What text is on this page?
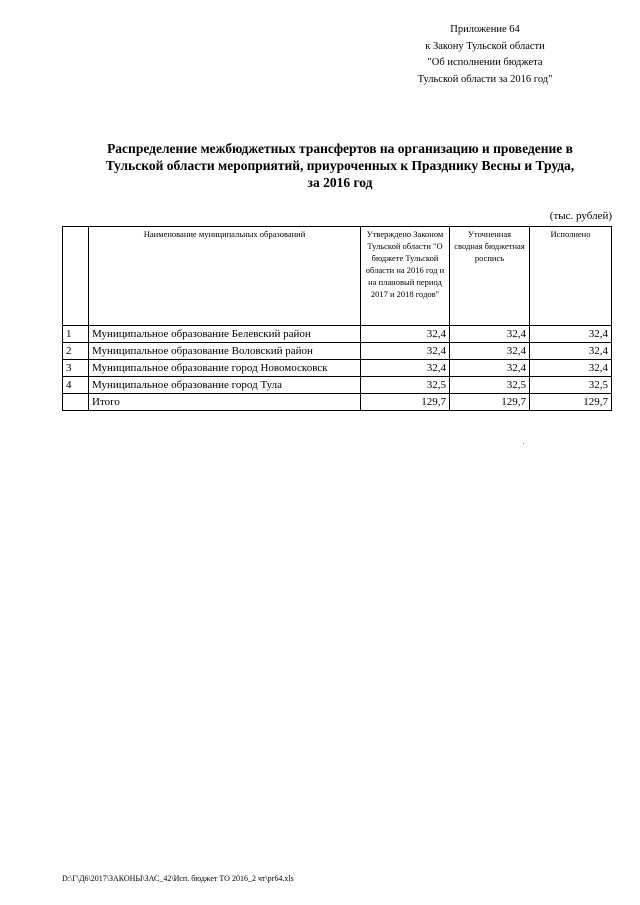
Приложение 64
к Закону Тульской области
"Об исполнении бюджета
Тульской области за 2016 год"
Распределение межбюджетных трансфертов на организацию и проведение в
Тульской области мероприятий, приуроченных к Празднику Весны и Труда,
за 2016 год
(тыс. рублей)
	Наименование муниципальных образований	Утверждено Законом Тульской области "О бюджете Тульской области на 2016 год и на плановый период 2017 и 2018 годов"	Уточненная сводная бюджетная роспись	Исполнено
1	Муниципальное образование Белевский район	32,4	32,4	32,4
2	Муниципальное образование Воловский район	32,4	32,4	32,4
3	Муниципальное образование город Новомосковск	32,4	32,4	32,4
4	Муниципальное образование город Тула	32,5	32,5	32,5
	Итого	129,7	129,7	129,7
D:\Г\Д6\2017\ЗАКОНЫ\ЗАС_42\Исп. бюджет ТО 2016_2 чт\pr64.xls
